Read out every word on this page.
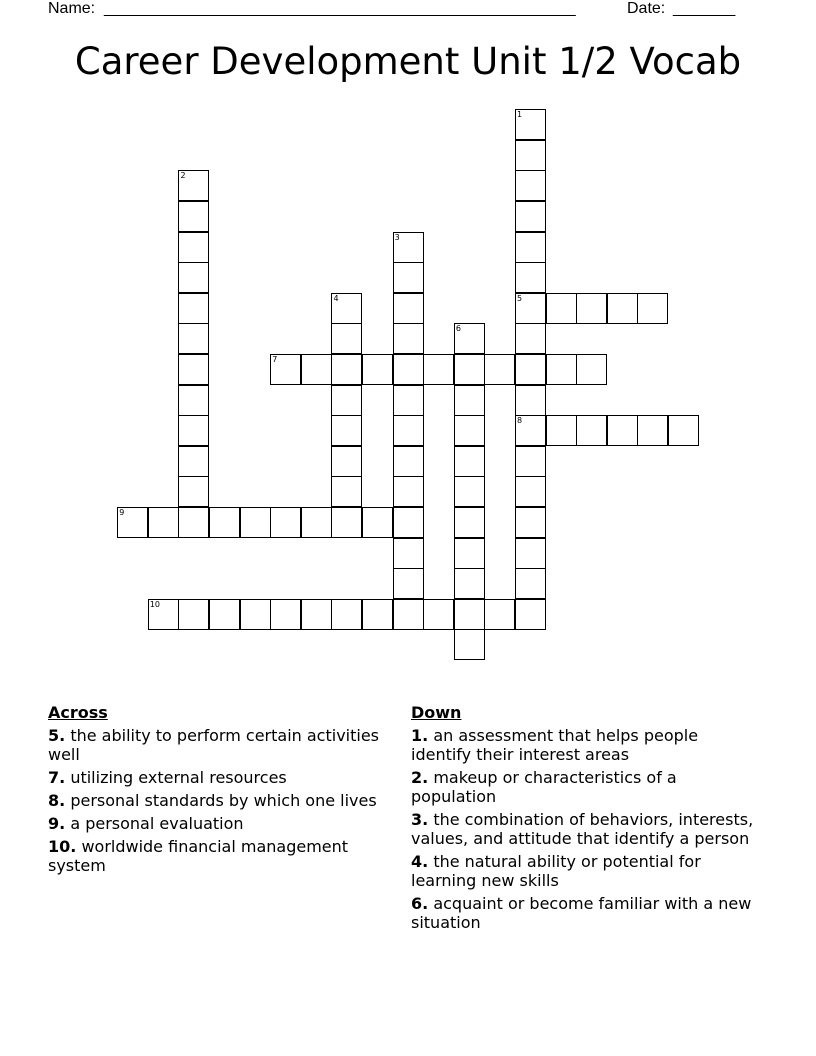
Name: _____________________________________________________	Date: _______
Career Development Unit 1/2 Vocab
1
5
8
2
3
4
6
7
9
10
Across
5. the ability to perform certain activities well
7. utilizing external resources
8. personal standards by which one lives
9. a personal evaluation
10. worldwide financial management system
Down
1. an assessment that helps people identify their interest areas
2. makeup or characteristics of a population
3. the combination of behaviors, interests, values, and attitude that identify a person
4. the natural ability or potential for learning new skills
6. acquaint or become familiar with a new situation
